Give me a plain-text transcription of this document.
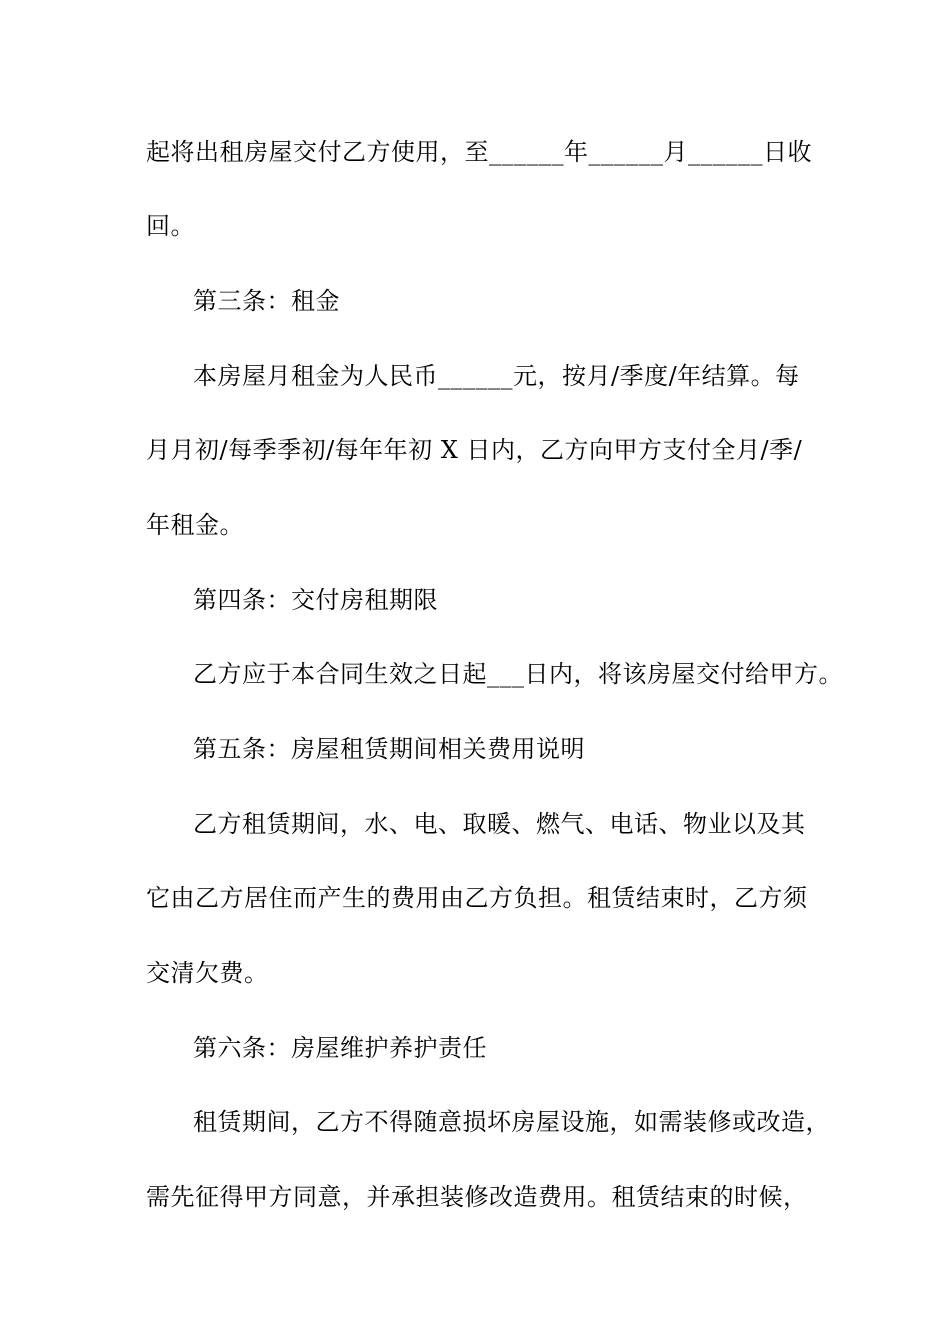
起将出租房屋交付乙方使用，至______年______月______日收
回。
第三条：租金
本房屋月租金为人民币______元，按月/季度/年结算。每
月月初/每季季初/每年年初 X 日内，乙方向甲方支付全月/季/
年租金。
第四条：交付房租期限
乙方应于本合同生效之日起___日内，将该房屋交付给甲方。
第五条：房屋租赁期间相关费用说明
乙方租赁期间，水、电、取暖、燃气、电话、物业以及其
它由乙方居住而产生的费用由乙方负担。租赁结束时，乙方须
交清欠费。
第六条：房屋维护养护责任
租赁期间，乙方不得随意损坏房屋设施，如需装修或改造，
需先征得甲方同意，并承担装修改造费用。租赁结束的时候，
